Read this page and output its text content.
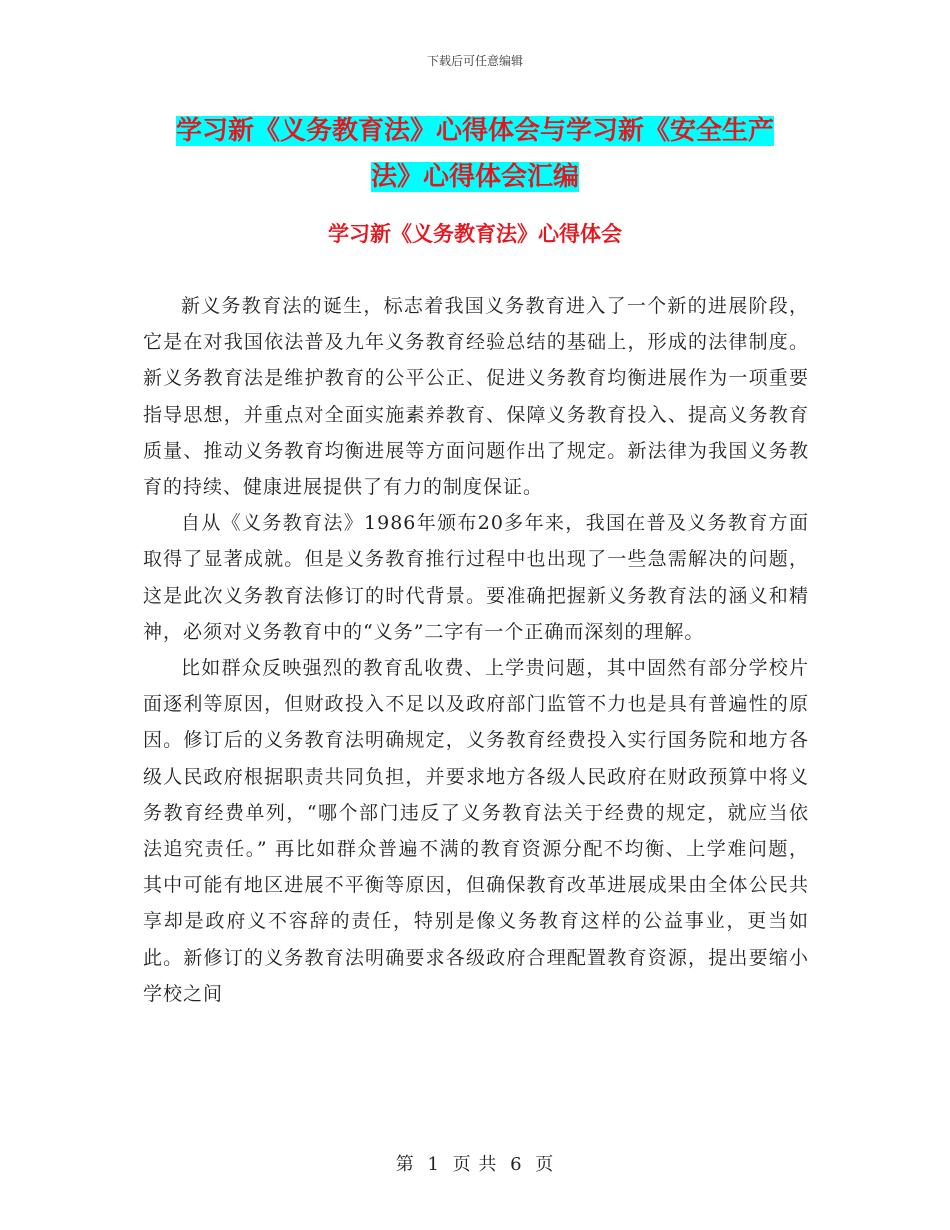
下载后可任意编辑
学习新《义务教育法》心得体会与学习新《安全生产
法》心得体会汇编
学习新《义务教育法》心得体会

新义务教育法的诞生，标志着我国义务教育进入了一个新的进展阶段，它是在对我国依法普及九年义务教育经验总结的基础上，形成的法律制度。新义务教育法是维护教育的公平公正、促进义务教育均衡进展作为一项重要指导思想，并重点对全面实施素养教育、保障义务教育投入、提高义务教育质量、推动义务教育均衡进展等方面问题作出了规定。新法律为我国义务教育的持续、健康进展提供了有力的制度保证。

自从《义务教育法》1986年颁布20多年来，我国在普及义务教育方面取得了显著成就。但是义务教育推行过程中也出现了一些急需解决的问题，这是此次义务教育法修订的时代背景。要准确把握新义务教育法的涵义和精神，必须对义务教育中的“义务”二字有一个正确而深刻的理解。

比如群众反映强烈的教育乱收费、上学贵问题，其中固然有部分学校片面逐利等原因，但财政投入不足以及政府部门监管不力也是具有普遍性的原因。修订后的义务教育法明确规定，义务教育经费投入实行国务院和地方各级人民政府根据职责共同负担，并要求地方各级人民政府在财政预算中将义务教育经费单列，“哪个部门违反了义务教育法关于经费的规定，就应当依法追究责任。” 再比如群众普遍不满的教育资源分配不均衡、上学难问题，其中可能有地区进展不平衡等原因，但确保教育改革进展成果由全体公民共享却是政府义不容辞的责任，特别是像义务教育这样的公益事业，更当如此。新修订的义务教育法明确要求各级政府合理配置教育资源，提出要缩小学校之间

第 1 页 共 6 页
